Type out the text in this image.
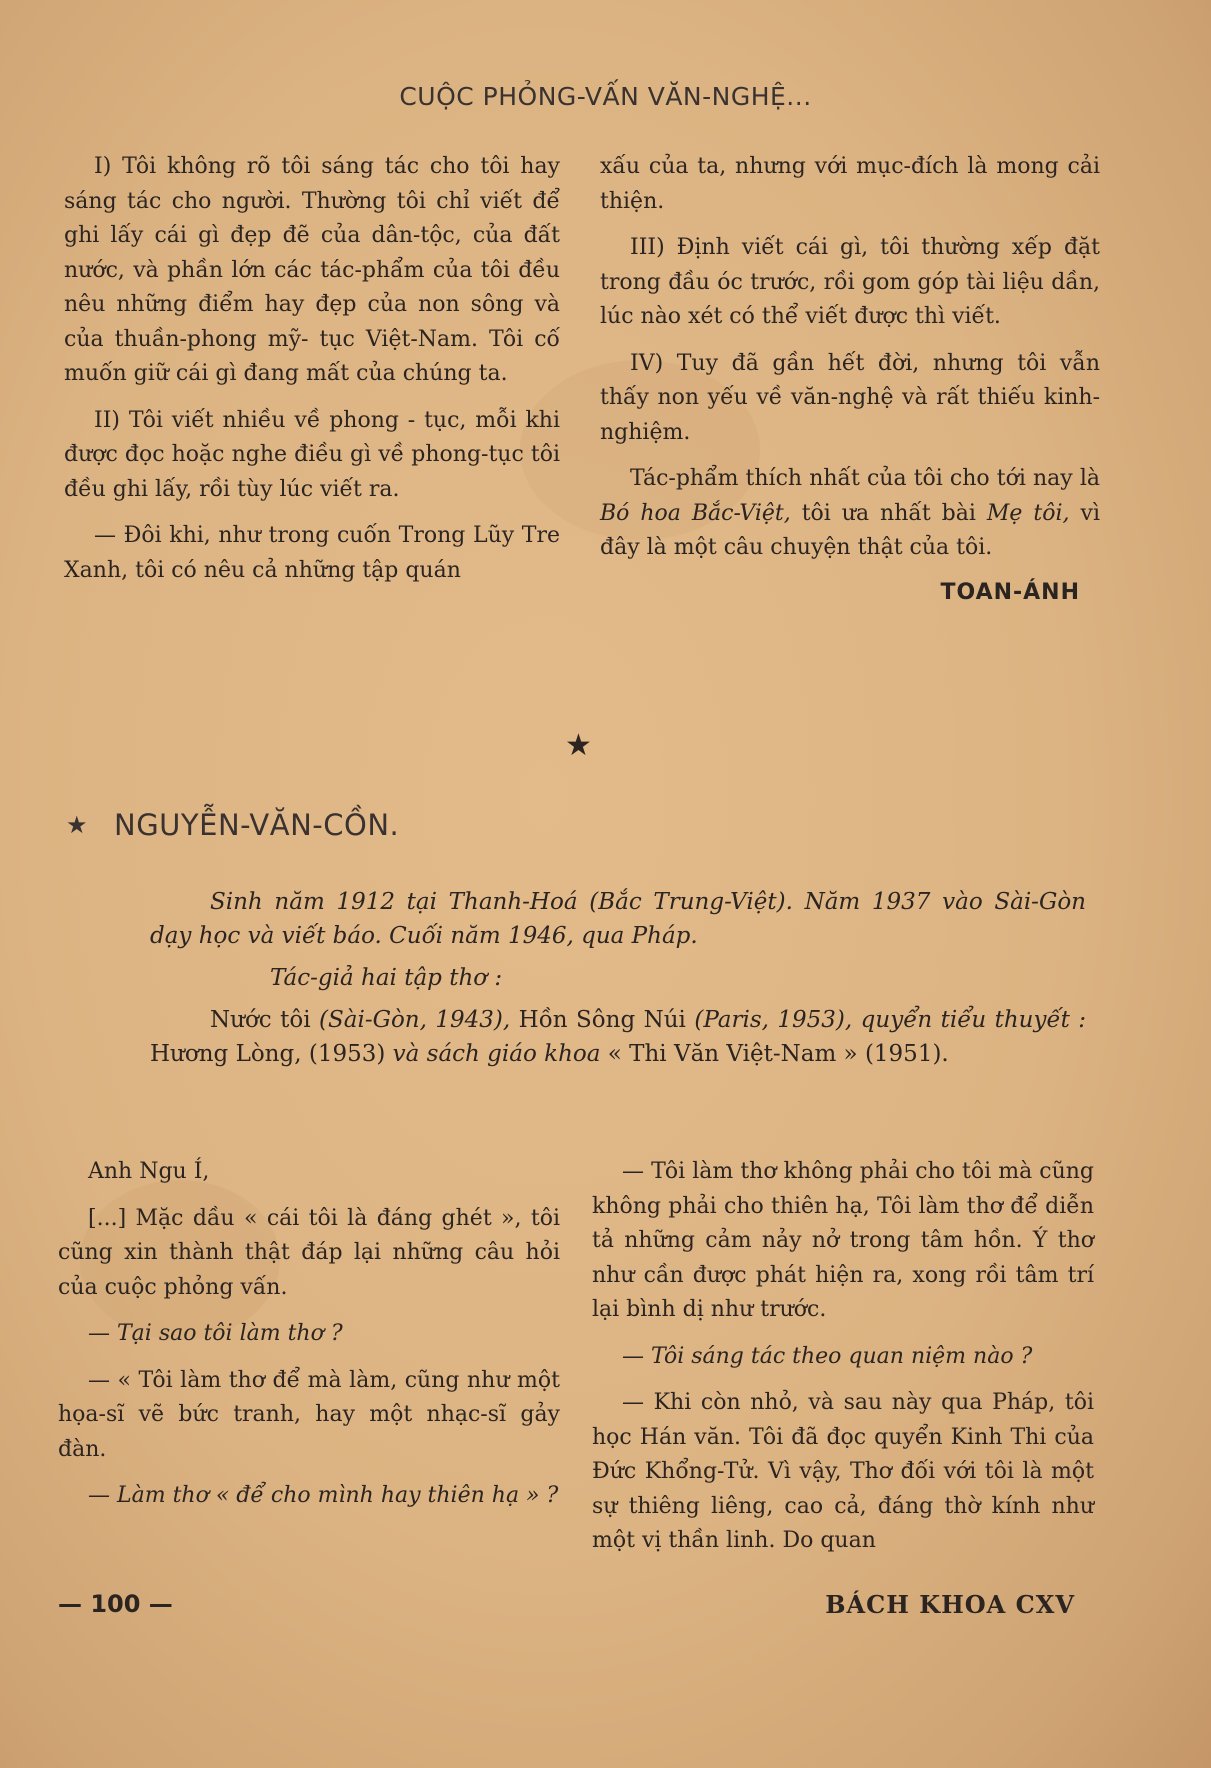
CUỘC PHỎNG-VẤN VĂN-NGHỆ...

I) Tôi không rõ tôi sáng tác cho tôi hay sáng tác cho người. Thường tôi chỉ viết để ghi lấy cái gì đẹp đẽ của dân-tộc, của đất nước, và phần lớn các tác-phẩm của tôi đều nêu những điểm hay đẹp của non sông và của thuần-phong mỹ- tục Việt-Nam. Tôi cố muốn giữ cái gì đang mất của chúng ta.

II) Tôi viết nhiều về phong - tục, mỗi khi được đọc hoặc nghe điều gì về phong-tục tôi đều ghi lấy, rồi tùy lúc viết ra.

— Đôi khi, như trong cuốn Trong Lũy Tre Xanh, tôi có nêu cả những tập quán

xấu của ta, nhưng với mục-đích là mong cải thiện.

III) Định viết cái gì, tôi thường xếp đặt trong đầu óc trước, rồi gom góp tài liệu dần, lúc nào xét có thể viết được thì viết.

IV) Tuy đã gần hết đời, nhưng tôi vẫn thấy non yếu về văn-nghệ và rất thiếu kinh-nghiệm.

Tác-phẩm thích nhất của tôi cho tới nay là Bó hoa Bắc-Việt, tôi ưa nhất bài Mẹ tôi, vì đây là một câu chuyện thật của tôi.

TOAN-ÁNH
★
★ NGUYỄN-VĂN-CỒN.

Sinh năm 1912 tại Thanh-Hoá (Bắc Trung-Việt). Năm 1937 vào Sài-Gòn dạy học và viết báo. Cuối năm 1946, qua Pháp.

Tác-giả hai tập thơ :

Nước tôi (Sài-Gòn, 1943), Hồn Sông Núi (Paris, 1953), quyển tiểu thuyết : Hương Lòng, (1953) và sách giáo khoa « Thi Văn Việt-Nam » (1951).

Anh Ngu Í,

[...] Mặc dầu « cái tôi là đáng ghét », tôi cũng xin thành thật đáp lại những câu hỏi của cuộc phỏng vấn.

— Tại sao tôi làm thơ ?

— « Tôi làm thơ để mà làm, cũng như một họa-sĩ vẽ bức tranh, hay một nhạc-sĩ gảy đàn.

— Làm thơ « để cho mình hay thiên hạ » ?

— Tôi làm thơ không phải cho tôi mà cũng không phải cho thiên hạ, Tôi làm thơ để diễn tả những cảm nảy nở trong tâm hồn. Ý thơ như cần được phát hiện ra, xong rồi tâm trí lại bình dị như trước.

— Tôi sáng tác theo quan niệm nào ?

— Khi còn nhỏ, và sau này qua Pháp, tôi học Hán văn. Tôi đã đọc quyển Kinh Thi của Đức Khổng-Tử. Vì vậy, Thơ đối với tôi là một sự thiêng liêng, cao cả, đáng thờ kính như một vị thần linh. Do quan

— 100 —	BÁCH KHOA CXV
